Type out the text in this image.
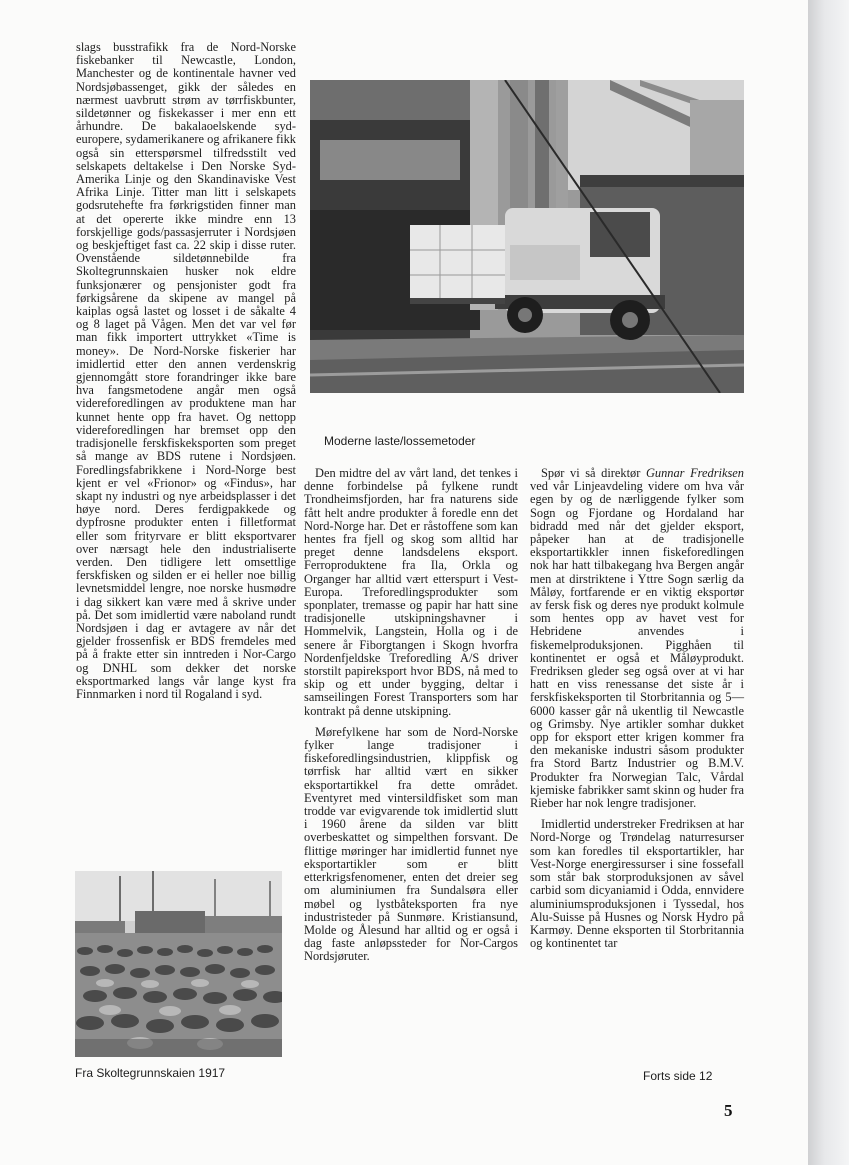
slags busstrafikk fra de Nord-Norske fiskebanker til Newcastle, London, Manchester og de kontinentale havner ved Nordsjøbassenget, gikk der således en nærmest uavbrutt strøm av tørrfiskbunter, sildetønner og fiskekasser i mer enn ett århundre. De bakalaoelskende syd-europere, sydamerikanere og afrikanere fikk også sin etterspørsmel tilfredsstilt ved selskapets deltakelse i Den Norske Syd-Amerika Linje og den Skandinaviske Vest Afrika Linje. Titter man litt i selskapets godsrutehefte fra førkrigstiden finner man at det opererte ikke mindre enn 13 forskjellige gods/passasjerruter i Nordsjøen og beskjeftiget fast ca. 22 skip i disse ruter. Ovenstående sildetønnebilde fra Skoltegrunnskaien husker nok eldre funksjonærer og pensjonister godt fra førkigsårene da skipene av mangel på kaiplas også lastet og losset i de såkalte 4 og 8 laget på Vågen. Men det var vel før man fikk importert uttrykket «Time is money». De Nord-Norske fiskerier har imidlertid etter den annen verdenskrig gjennomgått store forandringer ikke bare hva fangsmetodene angår men også videreforedlingen av produktene man har kunnet hente opp fra havet. Og nettopp videreforedlingen har bremset opp den tradisjonelle ferskfiskeksporten som preget så mange av BDS rutene i Nordsjøen. Foredlingsfabrikkene i Nord-Norge best kjent er vel «Frionor» og «Findus», har skapt ny industri og nye arbeidsplasser i det høye nord. Deres ferdigpakkede og dypfrosne produkter enten i filletformat eller som frityrvare er blitt eksportvarer over nærsagt hele den industrialiserte verden. Den tidligere lett omsettlige ferskfisken og silden er ei heller noe billig levnetsmiddel lengre, noe norske husmødre i dag sikkert kan være med å skrive under på. Det som imidlertid være naboland rundt Nordsjøen i dag er avtagere av når det gjelder frossenfisk er BDS fremdeles med på å frakte etter sin inntreden i Nor-Cargo og DNHL som dekker det norske eksportmarked langs vår lange kyst fra Finnmarken i nord til Rogaland i syd.

Moderne laste/lossemetoder

Den midtre del av vårt land, det tenkes i denne forbindelse på fylkene rundt Trondheimsfjorden, har fra naturens side fått helt andre produkter å foredle enn det Nord-Norge har. Det er råstoffene som kan hentes fra fjell og skog som alltid har preget denne landsdelens eksport. Ferroproduktene fra Ila, Orkla og Organger har alltid vært etterspurt i Vest-Europa. Treforedlingsprodukter som sponplater, tremasse og papir har hatt sine tradisjonelle utskipningshavner i Hommelvik, Langstein, Holla og i de senere år Fiborgtangen i Skogn hvorfra Nordenfjeldske Treforedling A/S driver storstilt papireksport hvor BDS, nå med to skip og ett under bygging, deltar i samseilingen Forest Transporters som har kontrakt på denne utskipning.

Mørefylkene har som de Nord-Norske fylker lange tradisjoner i fiskeforedlingsindustrien, klippfisk og tørrfisk har alltid vært en sikker eksportartikkel fra dette området. Eventyret med vintersildfisket som man trodde var evigvarende tok imidlertid slutt i 1960 årene da silden var blitt overbeskattet og simpelthen forsvant. De flittige møringer har imidlertid funnet nye eksportartikler som er blitt etterkrigsfenomener, enten det dreier seg om aluminiumen fra Sundalsøra eller møbel og lystbåteksporten fra nye industristeder på Sunmøre. Kristiansund, Molde og Ålesund har alltid og er også i dag faste anløpssteder for Nor-Cargos Nordsjøruter.

Spør vi så direktør Gunnar Fredriksen ved vår Linjeavdeling videre om hva vår egen by og de nærliggende fylker som Sogn og Fjordane og Hordaland har bidradd med når det gjelder eksport, påpeker han at de tradisjonelle eksportartikkler innen fiskeforedlingen nok har hatt tilbakegang hva Bergen angår men at dirstriktene i Yttre Sogn særlig da Måløy, fortfarende er en viktig eksportør av fersk fisk og deres nye produkt kolmule som hentes opp av havet vest for Hebridene anvendes i fiskemelproduksjonen. Pigghåen til kontinentet er også et Måløyprodukt. Fredriksen gleder seg også over at vi har hatt en viss renessanse det siste år i ferskfiskeksporten til Storbritannia og 5—6000 kasser går nå ukentlig til Newcastle og Grimsby. Nye artikler somhar dukket opp for eksport etter krigen kommer fra den mekaniske industri såsom produkter fra Stord Bartz Industrier og B.M.V. Produkter fra Norwegian Talc, Vårdal kjemiske fabrikker samt skinn og huder fra Rieber har nok lengre tradisjoner.

Imidlertid understreker Fredriksen at har Nord-Norge og Trøndelag naturresurser som kan foredles til eksportartikler, har Vest-Norge energiressurser i sine fossefall som står bak storproduksjonen av såvel carbid som dicyaniamid i Odda, ennvidere aluminiumsproduksjonen i Tyssedal, hos Alu-Suisse på Husnes og Norsk Hydro på Karmøy. Denne eksporten til Storbritannia og kontinentet tar

Fra Skoltegrunnskaien 1917	Forts side 12
5
